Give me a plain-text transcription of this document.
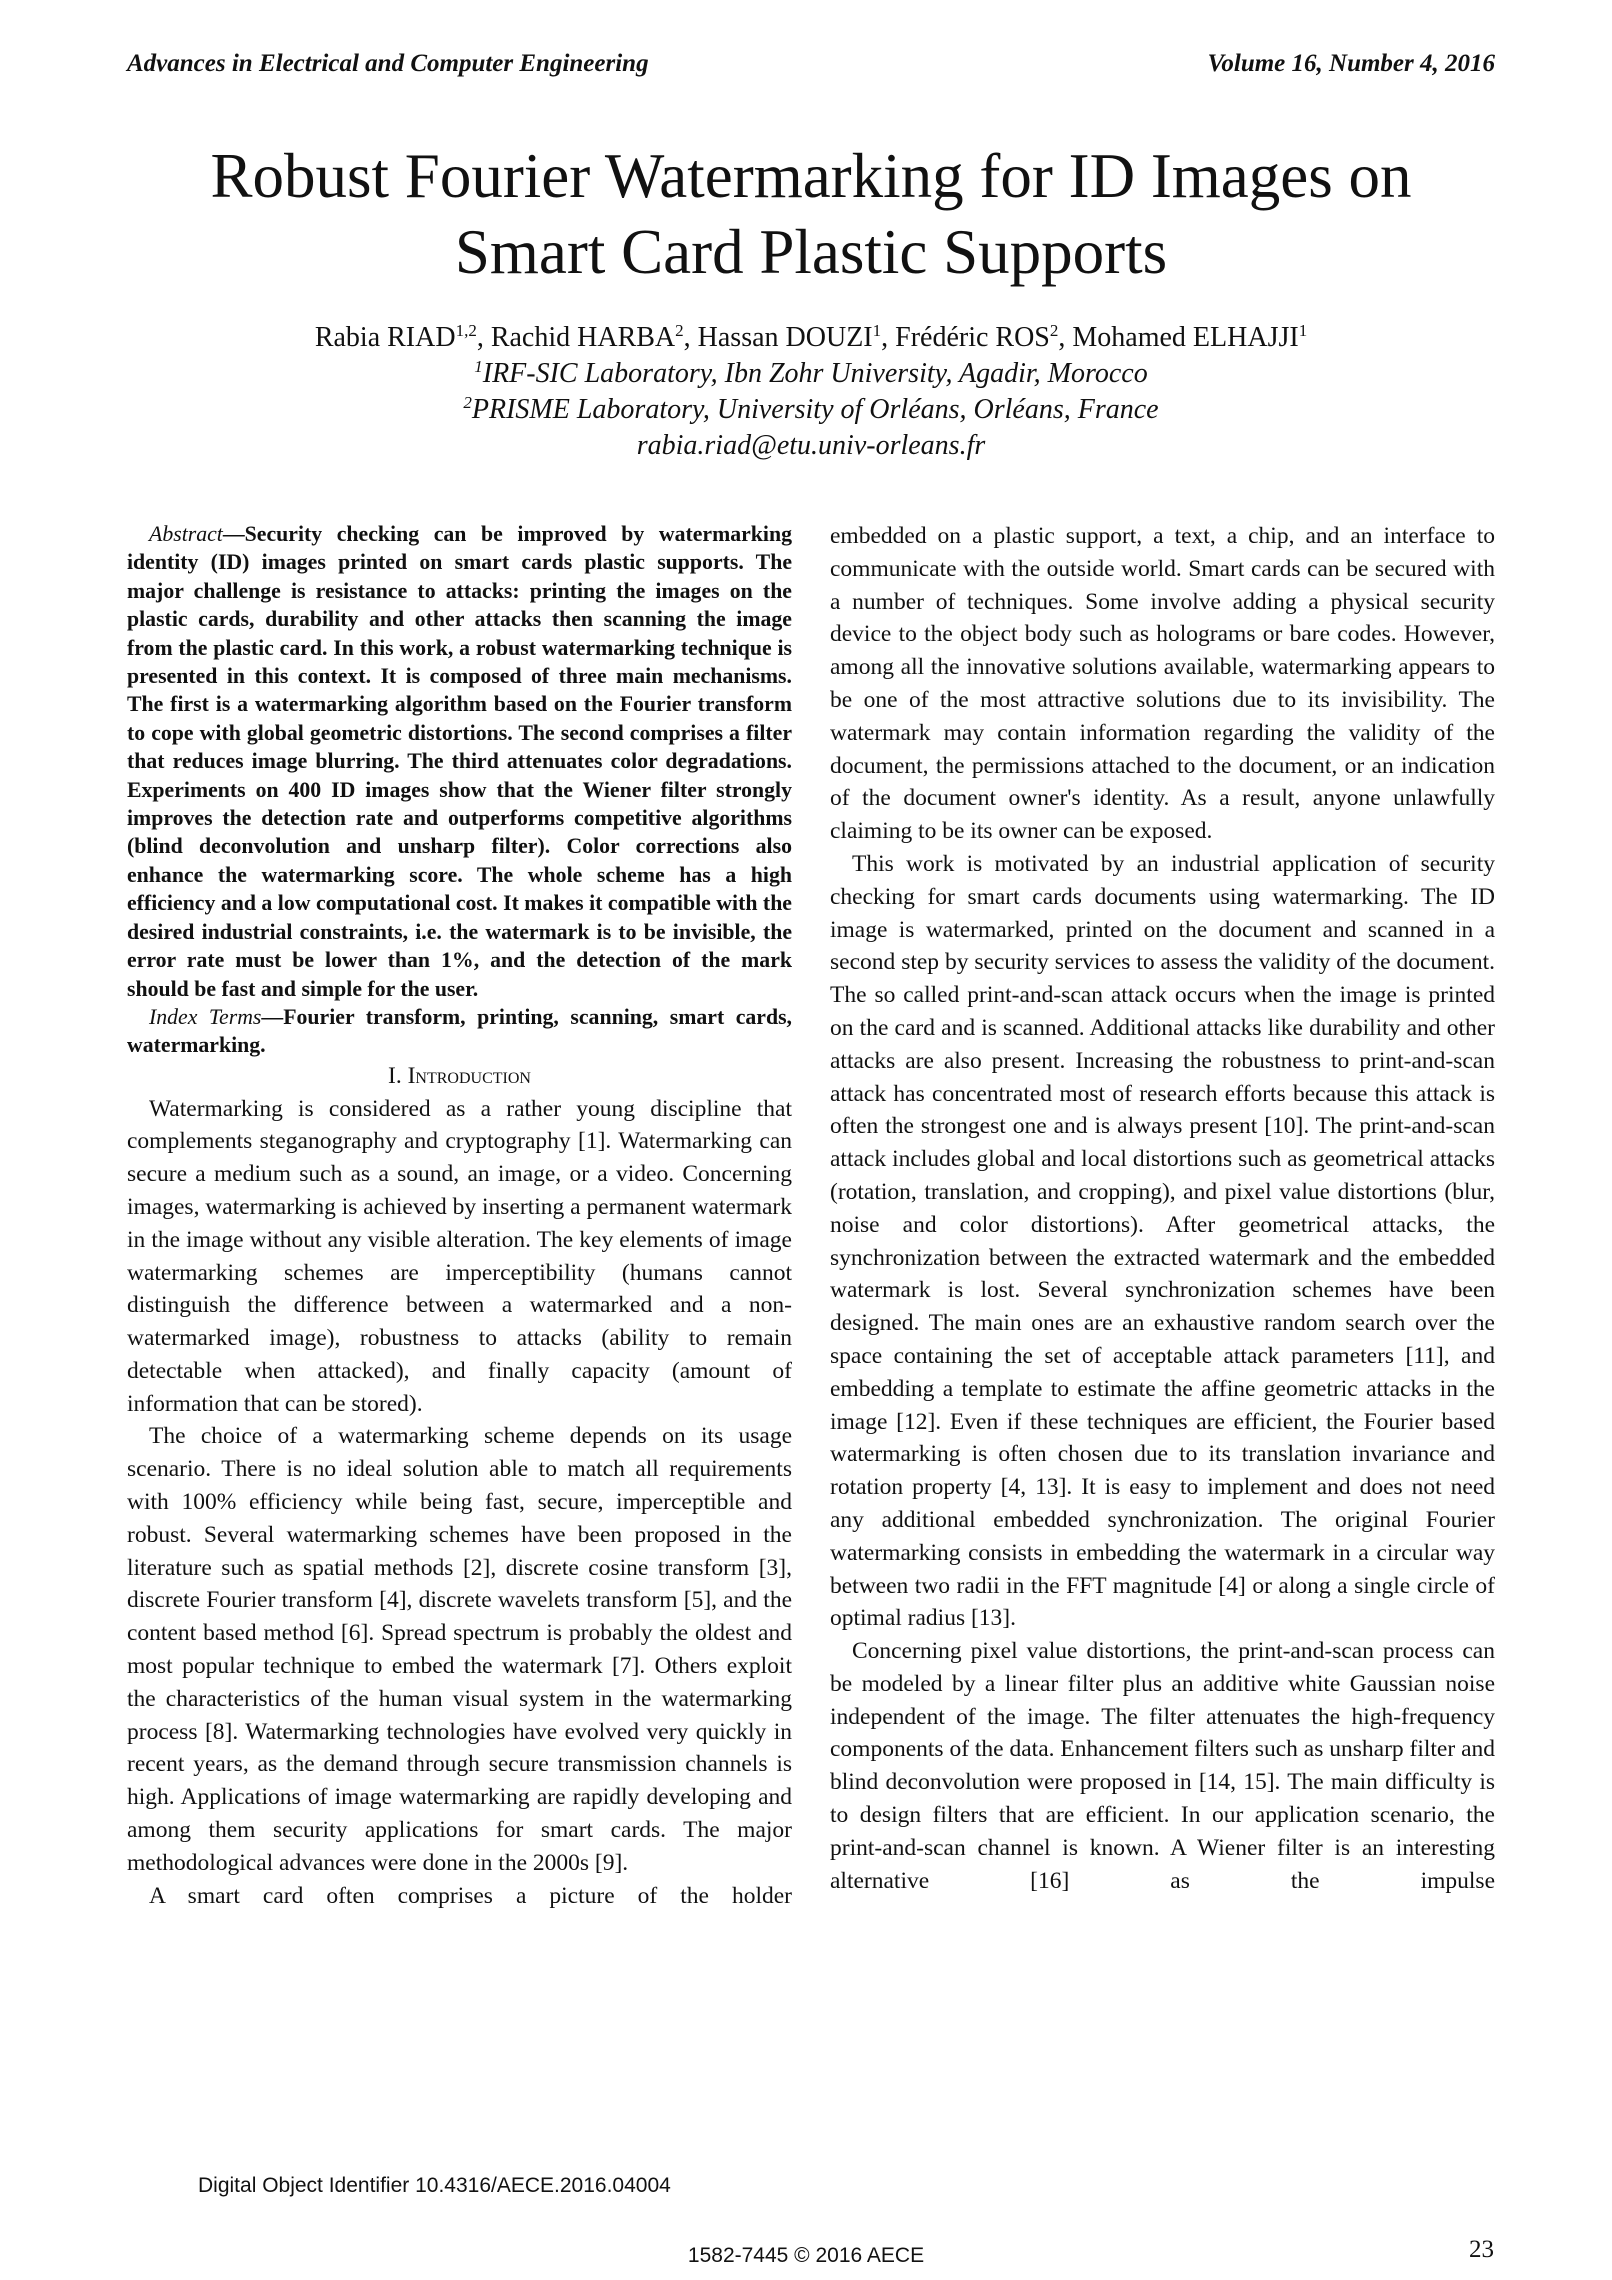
Advances in Electrical and Computer Engineering	Volume 16, Number 4, 2016
Robust Fourier Watermarking for ID Images on
Smart Card Plastic Supports
Rabia RIAD$^{1,2}$, Rachid HARBA$^2$, Hassan DOUZI$^1$, Frédéric ROS$^2$, Mohamed ELHAJJI$^1$
$^1$IRF-SIC Laboratory, Ibn Zohr University, Agadir, Morocco
$^2$PRISME Laboratory, University of Orléans, Orléans, France
rabia.riad@etu.univ-orleans.fr

Abstract—Security checking can be improved by watermarking identity (ID) images printed on smart cards plastic supports. The major challenge is resistance to attacks: printing the images on the plastic cards, durability and other attacks then scanning the image from the plastic card. In this work, a robust watermarking technique is presented in this context. It is composed of three main mechanisms. The first is a watermarking algorithm based on the Fourier transform to cope with global geometric distortions. The second comprises a filter that reduces image blurring. The third attenuates color degradations. Experiments on 400 ID images show that the Wiener filter strongly improves the detection rate and outperforms competitive algorithms (blind deconvolution and unsharp filter). Color corrections also enhance the watermarking score. The whole scheme has a high efficiency and a low computational cost. It makes it compatible with the desired industrial constraints, i.e. the watermark is to be invisible, the error rate must be lower than 1%, and the detection of the mark should be fast and simple for the user.

Index Terms—Fourier transform, printing, scanning, smart cards, watermarking.

I. Introduction

Watermarking is considered as a rather young discipline that complements steganography and cryptography [1]. Watermarking can secure a medium such as a sound, an image, or a video. Concerning images, watermarking is achieved by inserting a permanent watermark in the image without any visible alteration. The key elements of image watermarking schemes are imperceptibility (humans cannot distinguish the difference between a watermarked and a non-watermarked image), robustness to attacks (ability to remain detectable when attacked), and finally capacity (amount of information that can be stored).

The choice of a watermarking scheme depends on its usage scenario. There is no ideal solution able to match all requirements with 100% efficiency while being fast, secure, imperceptible and robust. Several watermarking schemes have been proposed in the literature such as spatial methods [2], discrete cosine transform [3], discrete Fourier transform [4], discrete wavelets transform [5], and the content based method [6]. Spread spectrum is probably the oldest and most popular technique to embed the watermark [7]. Others exploit the characteristics of the human visual system in the watermarking process [8]. Watermarking technologies have evolved very quickly in recent years, as the demand through secure transmission channels is high. Applications of image watermarking are rapidly developing and among them security applications for smart cards. The major methodological advances were done in the 2000s [9].

A smart card often comprises a picture of the holder

embedded on a plastic support, a text, a chip, and an interface to communicate with the outside world. Smart cards can be secured with a number of techniques. Some involve adding a physical security device to the object body such as holograms or bare codes. However, among all the innovative solutions available, watermarking appears to be one of the most attractive solutions due to its invisibility. The watermark may contain information regarding the validity of the document, the permissions attached to the document, or an indication of the document owner's identity. As a result, anyone unlawfully claiming to be its owner can be exposed.

This work is motivated by an industrial application of security checking for smart cards documents using watermarking. The ID image is watermarked, printed on the document and scanned in a second step by security services to assess the validity of the document. The so called print-and-scan attack occurs when the image is printed on the card and is scanned. Additional attacks like durability and other attacks are also present. Increasing the robustness to print-and-scan attack has concentrated most of research efforts because this attack is often the strongest one and is always present [10]. The print-and-scan attack includes global and local distortions such as geometrical attacks (rotation, translation, and cropping), and pixel value distortions (blur, noise and color distortions). After geometrical attacks, the synchronization between the extracted watermark and the embedded watermark is lost. Several synchronization schemes have been designed. The main ones are an exhaustive random search over the space containing the set of acceptable attack parameters [11], and embedding a template to estimate the affine geometric attacks in the image [12]. Even if these techniques are efficient, the Fourier based watermarking is often chosen due to its translation invariance and rotation property [4, 13]. It is easy to implement and does not need any additional embedded synchronization. The original Fourier watermarking consists in embedding the watermark in a circular way between two radii in the FFT magnitude [4] or along a single circle of optimal radius [13].

Concerning pixel value distortions, the print-and-scan process can be modeled by a linear filter plus an additive white Gaussian noise independent of the image. The filter attenuates the high-frequency components of the data. Enhancement filters such as unsharp filter and blind deconvolution were proposed in [14, 15]. The main difficulty is to design filters that are efficient. In our application scenario, the print-and-scan channel is known. A Wiener filter is an interesting alternative [16] as the impulse

Digital Object Identifier 10.4316/AECE.2016.04004
23
1582-7445 © 2016 AECE
